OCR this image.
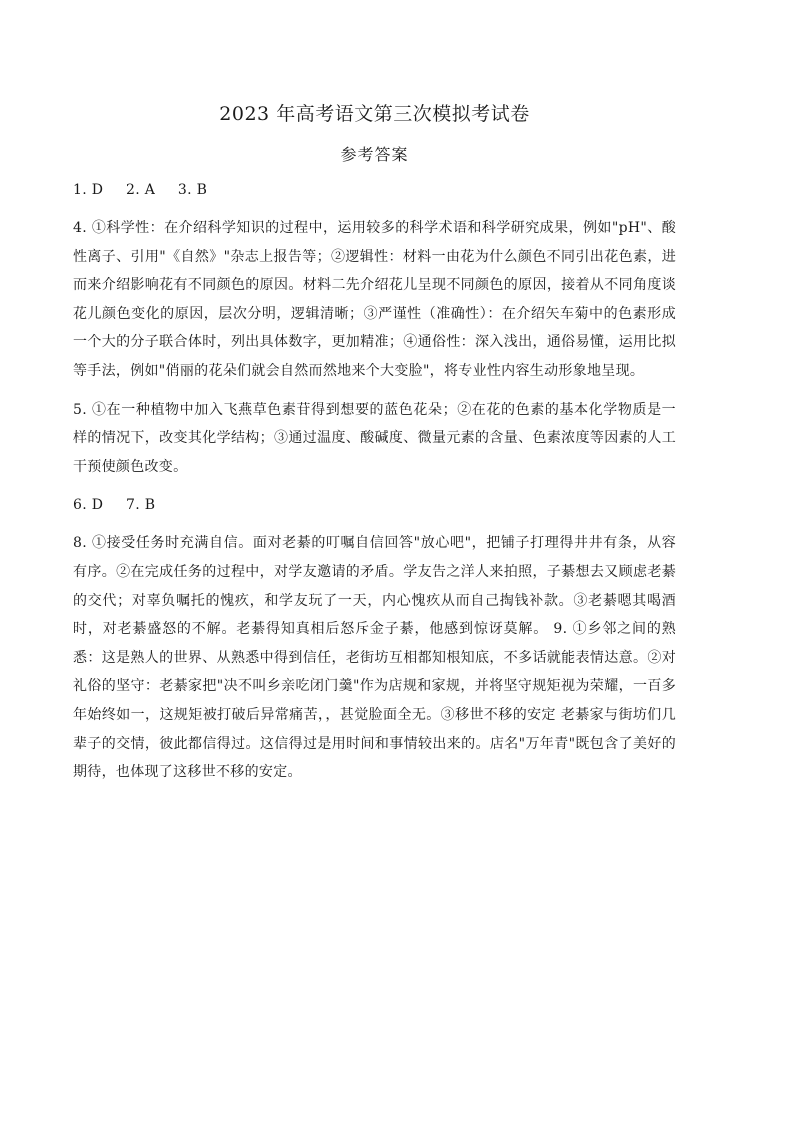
2023 年高考语文第三次模拟考试卷
参考答案

1. D 2. A 3. B

4. ①科学性：在介绍科学知识的过程中，运用较多的科学术语和科学研究成果，例如"pH"、酸性离子、引用"《自然》"杂志上报告等；②逻辑性：材料一由花为什么颜色不同引出花色素，进而来介绍影响花有不同颜色的原因。材料二先介绍花儿呈现不同颜色的原因，接着从不同角度谈花儿颜色变化的原因，层次分明，逻辑清晰；③严谨性（准确性）：在介绍矢车菊中的色素形成一个大的分子联合体时，列出具体数字，更加精准；④通俗性：深入浅出，通俗易懂，运用比拟等手法，例如"俏丽的花朵们就会自然而然地来个大变脸"，将专业性内容生动形象地呈现。

5. ①在一种植物中加入飞燕草色素苷得到想要的蓝色花朵；②在花的色素的基本化学物质是一样的情况下，改变其化学结构；③通过温度、酸碱度、微量元素的含量、色素浓度等因素的人工干预使颜色改变。

6. D 7. B

8. ①接受任务时充满自信。面对老綦的叮嘱自信回答"放心吧"，把铺子打理得井井有条，从容有序。②在完成任务的过程中，对学友邀请的矛盾。学友告之洋人来拍照，子綦想去又顾虑老綦的交代；对辜负嘱托的愧疚，和学友玩了一天，内心愧疚从而自己掏钱补款。③老綦嗯其喝酒时，对老綦盛怒的不解。老綦得知真相后怒斥金子綦，他感到惊讶莫解。 9. ①乡邻之间的熟悉：这是熟人的世界、从熟悉中得到信任，老街坊互相都知根知底，不多话就能表情达意。②对礼俗的坚守：老綦家把"决不叫乡亲吃闭门羹"作为店规和家规，并将坚守规矩视为荣耀，一百多年始终如一，这规矩被打破后异常痛苦，，甚觉脸面全无。③移世不移的安定 老綦家与街坊们几辈子的交情，彼此都信得过。这信得过是用时间和事情较出来的。店名"万年青"既包含了美好的期待，也体现了这移世不移的安定。
